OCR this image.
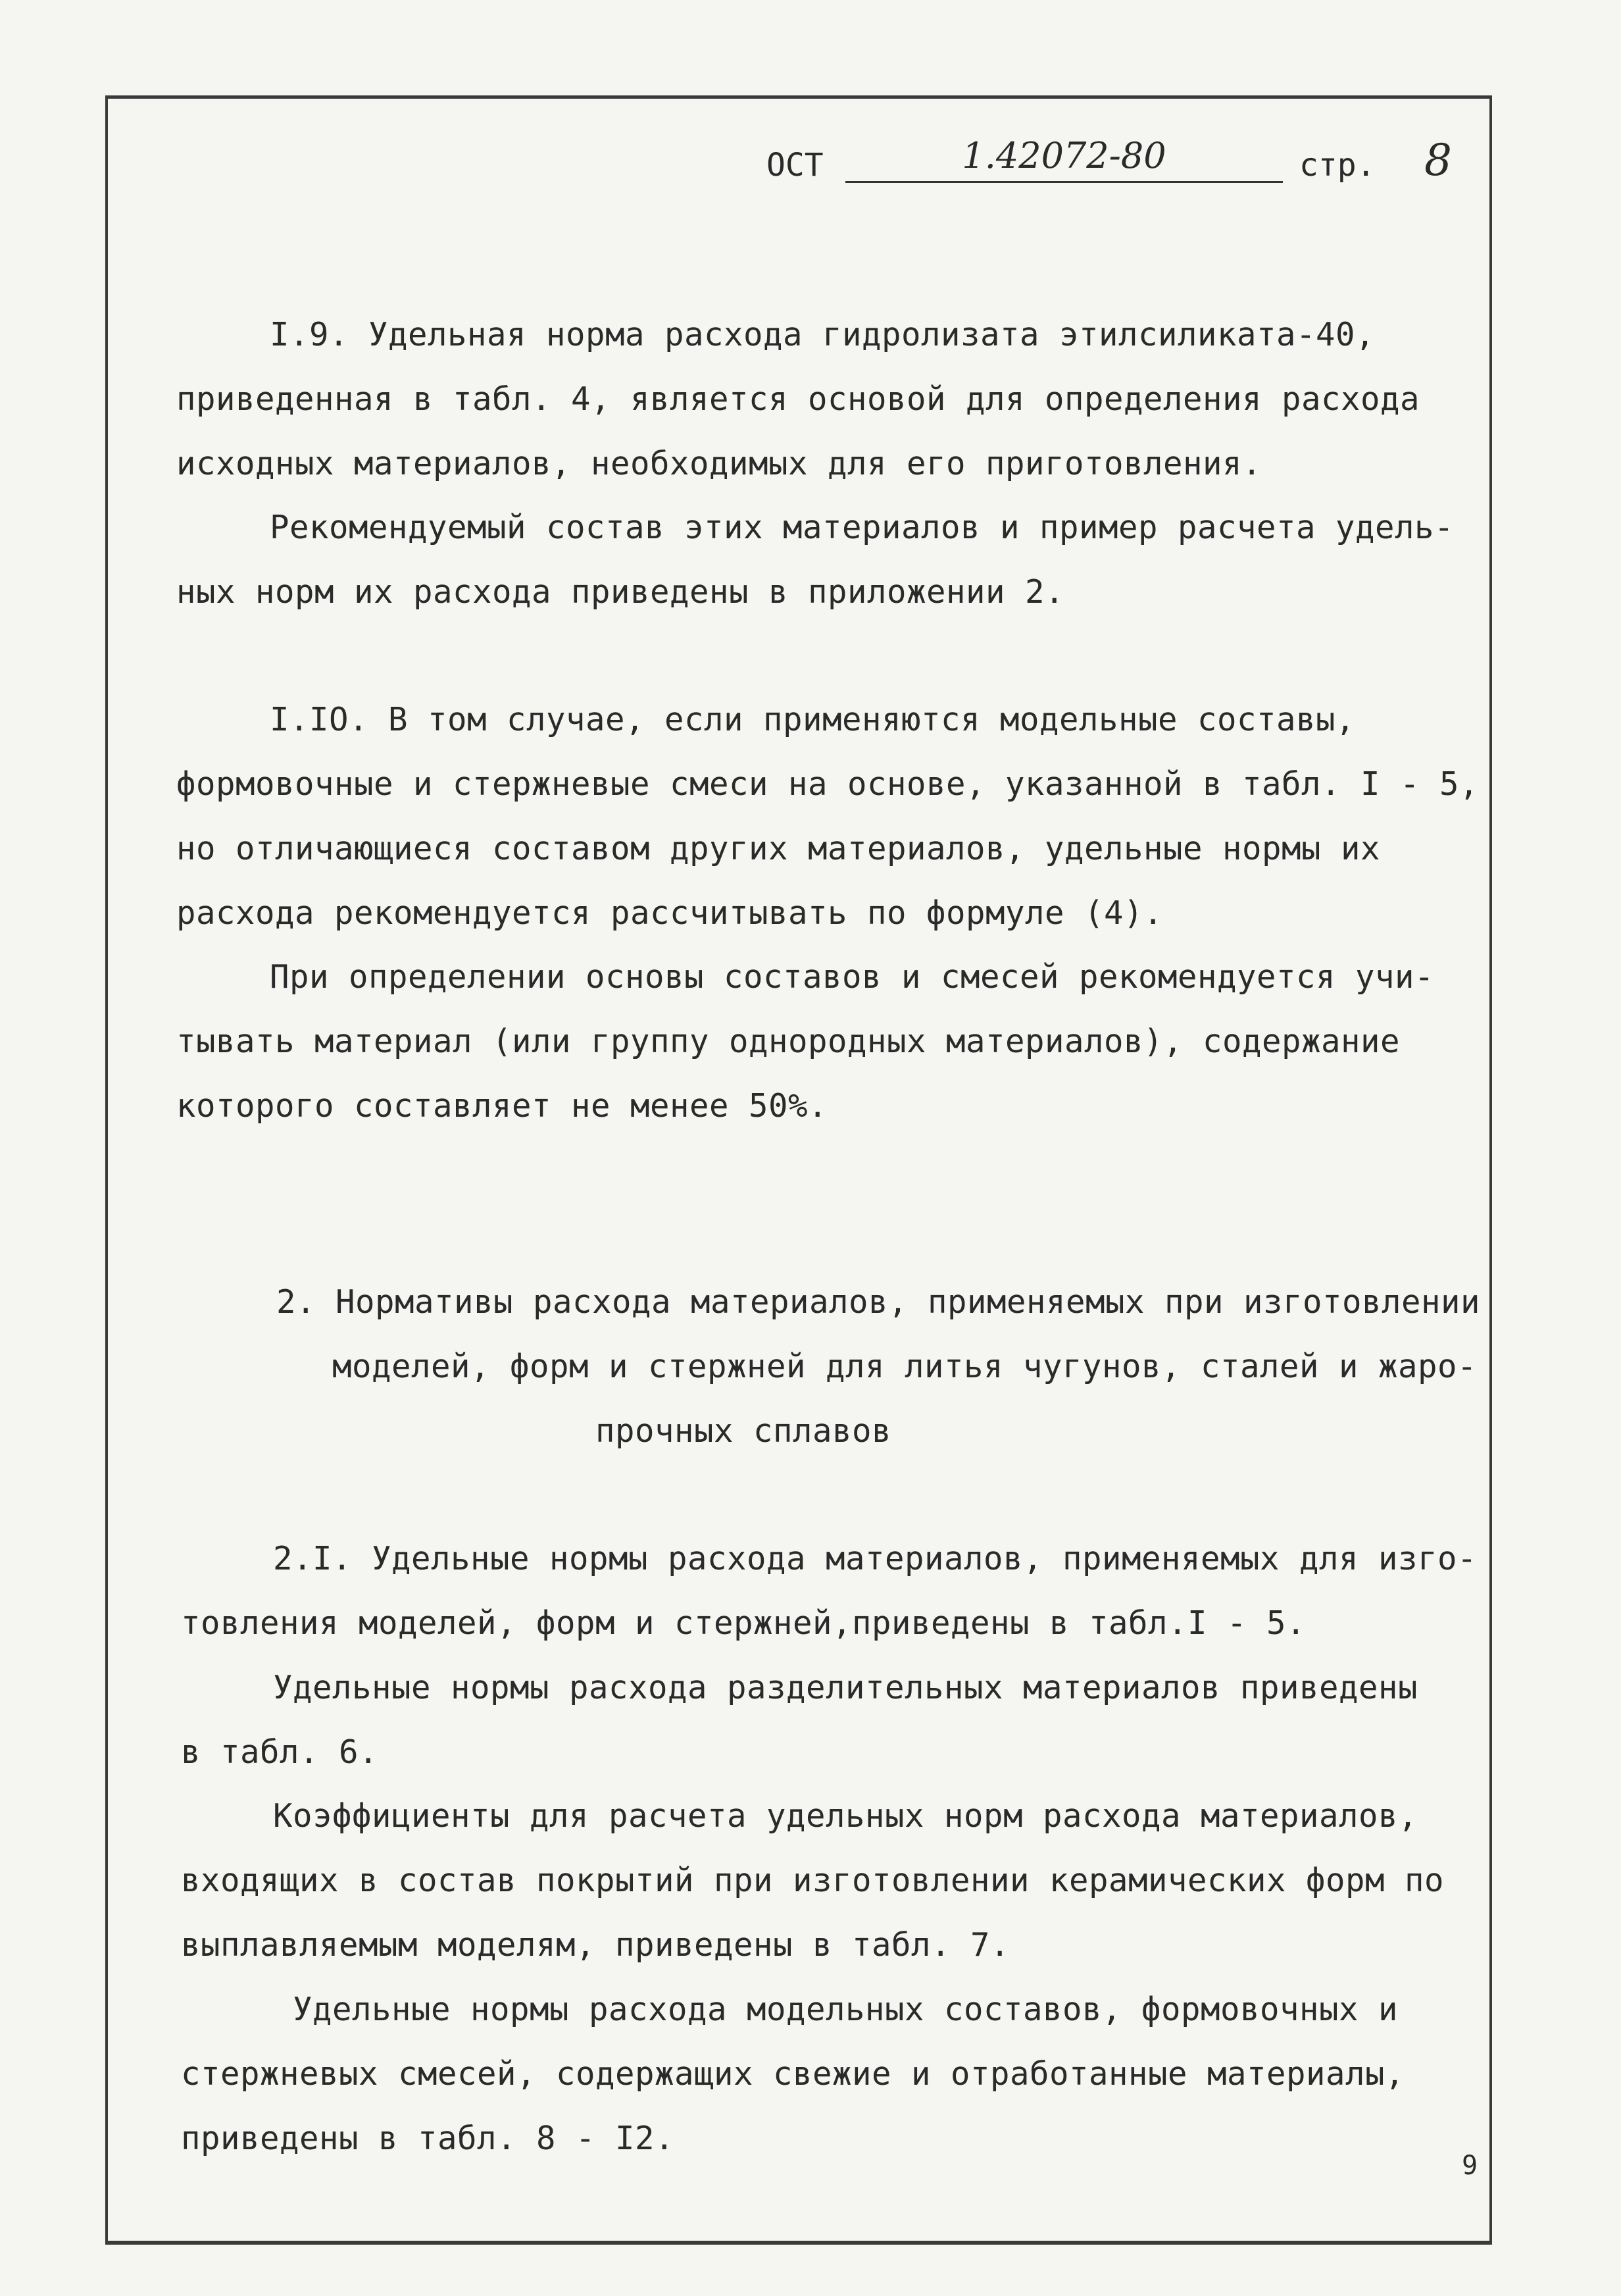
ОСТ	1.42072-80	стр. 8
I.9. Удельная норма расхода гидролизата этилсиликата-40,
приведенная в табл. 4, является основой для определения расхода
исходных материалов, необходимых для его приготовления.
Рекомендуемый состав этих материалов и пример расчета удель-
ных норм их расхода приведены в приложении 2.
I.IO. В том случае, если применяются модельные составы,
формовочные и стержневые смеси на основе, указанной в табл. I - 5,
но отличающиеся составом других материалов, удельные нормы их
расхода рекомендуется рассчитывать по формуле (4).
При определении основы составов и смесей рекомендуется учи-
тывать материал (или группу однородных материалов), содержание
которого составляет не менее 50%.
2. Нормативы расхода материалов, применяемых при изготовлении
моделей, форм и стержней для литья чугунов, сталей и жаро-
прочных сплавов
2.I. Удельные нормы расхода материалов, применяемых для изго-
товления моделей, форм и стержней,приведены в табл.I - 5.
Удельные нормы расхода разделительных материалов приведены
в табл. 6.
Коэффициенты для расчета удельных норм расхода материалов,
входящих в состав покрытий при изготовлении керамических форм по
выплавляемым моделям, приведены в табл. 7.
Удельные нормы расхода модельных составов, формовочных и
стержневых смесей, содержащих свежие и отработанные материалы,
приведены в табл. 8 - I2.
9
